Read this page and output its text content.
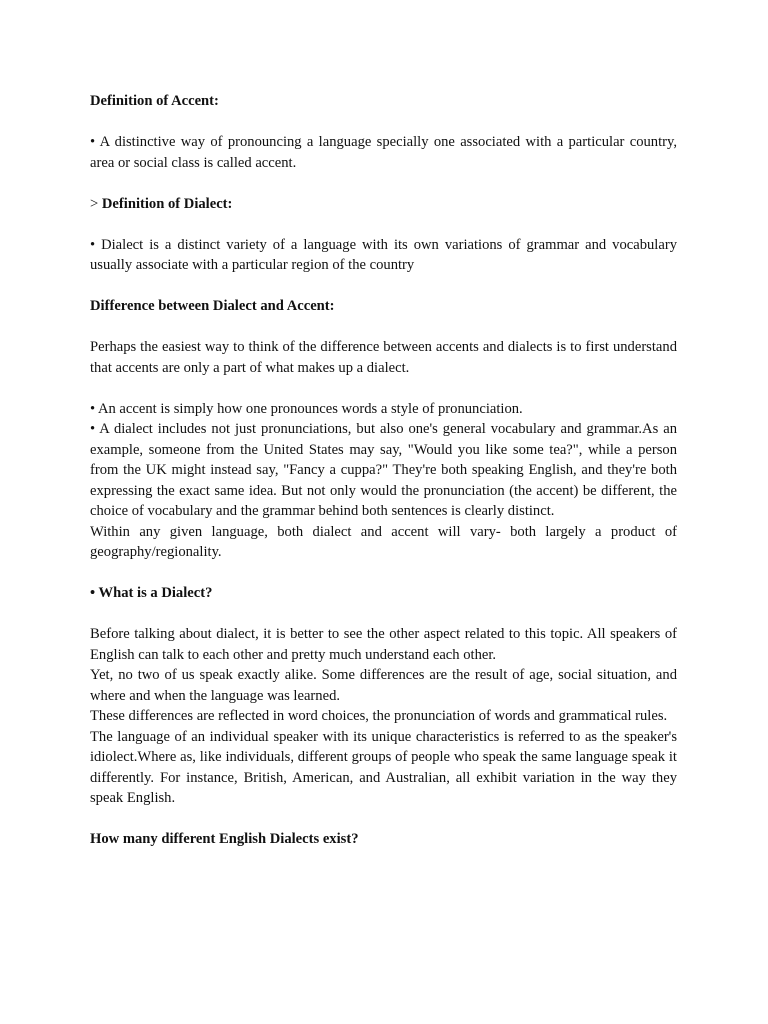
Definition of Accent:

• A distinctive way of pronouncing a language specially one associated with a particular country, area or social class is called accent.

> Definition of Dialect:

• Dialect is a distinct variety of a language with its own variations of grammar and vocabulary usually associate with a particular region of the country

Difference between Dialect and Accent:

Perhaps the easiest way to think of the difference between accents and dialects is to first understand that accents are only a part of what makes up a dialect.

• An accent is simply how one pronounces words a style of pronunciation.

• A dialect includes not just pronunciations, but also one's general vocabulary and grammar.As an example, someone from the United States may say, "Would you like some tea?", while a person from the UK might instead say, "Fancy a cuppa?" They're both speaking English, and they're both expressing the exact same idea. But not only would the pronunciation (the accent) be different, the choice of vocabulary and the grammar behind both sentences is clearly distinct.

Within any given language, both dialect and accent will vary- both largely a product of geography/regionality.

• What is a Dialect?

Before talking about dialect, it is better to see the other aspect related to this topic. All speakers of English can talk to each other and pretty much understand each other.

Yet, no two of us speak exactly alike. Some differences are the result of age, social situation, and where and when the language was learned.

These differences are reflected in word choices, the pronunciation of words and grammatical rules.

The language of an individual speaker with its unique characteristics is referred to as the speaker's idiolect.Where as, like individuals, different groups of people who speak the same language speak it differently. For instance, British, American, and Australian, all exhibit variation in the way they speak English.

How many different English Dialects exist?
